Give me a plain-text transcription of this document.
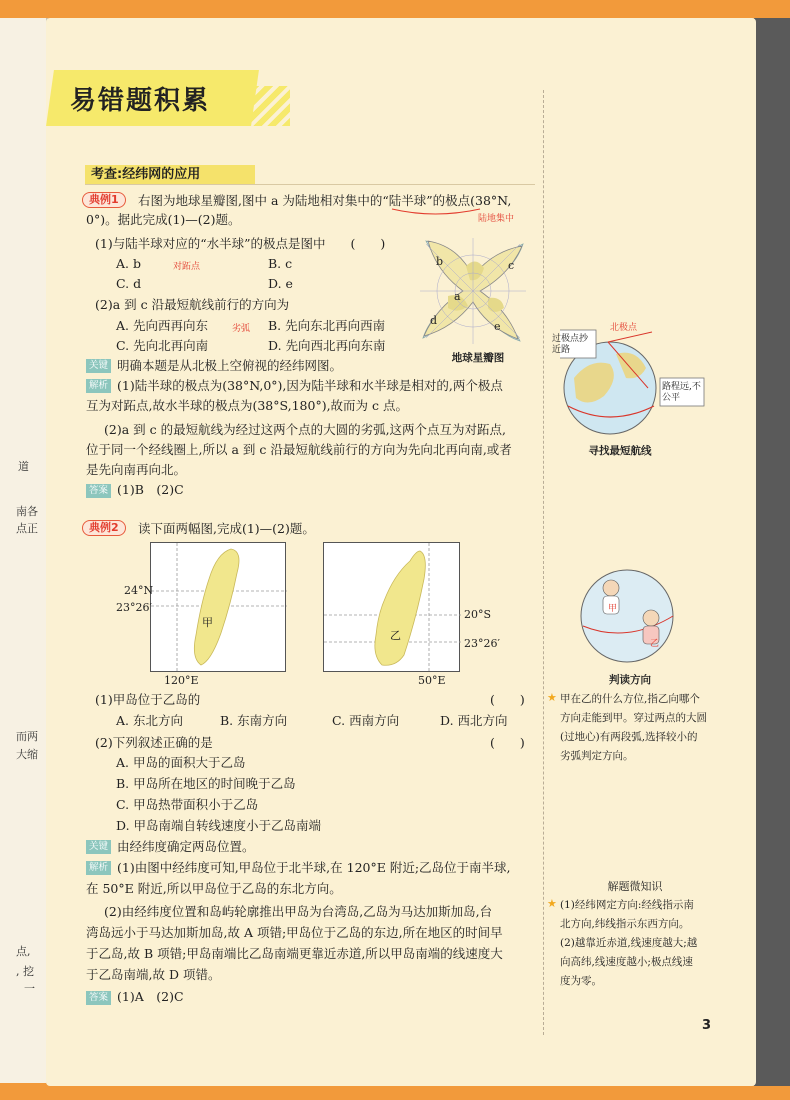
道
南各
点正
而两
大缩
点,
, 挖
一
易错题积累
考查:经纬网的应用
典例1	右图为地球星瓣图,图中 a 为陆地相对集中的“陆半球”的极点(38°N,
0°)。据此完成(1)—(2)题。	陆地集中
(1)与陆半球对应的“水半球”的极点是图中　　(　　)
A. b	对跖点	B. c
C. d	D. e
(2)a 到 c 沿最短航线前行的方向为
A. 先向西再向东	劣弧 B. 先向东北再向西南
C. 先向北再向南	D. 先向西北再向东南
b	c
a
d	e
地球星瓣图
关键 明确本题是从北极上空俯视的经纬网图。
解析 (1)陆半球的极点为(38°N,0°),因为陆半球和水半球是相对的,两个极点
互为对跖点,故水半球的极点为(38°S,180°),故而为 c 点。
(2)a 到 c 的最短航线为经过这两个点的大圆的劣弧,这两个点互为对跖点,
位于同一个经线圈上,所以 a 到 c 沿最短航线前行的方向为先向北再向南,或者
是先向南再向北。
答案 (1)B　(2)C
典例2	读下面两幅图,完成(1)—(2)题。
甲
24°N
23°26′
120°E
乙
20°S
23°26′
50°E
(1)甲岛位于乙岛的	(　　)
A. 东北方向	B. 东南方向	C. 西南方向	D. 西北方向
(2)下列叙述正确的是	(　　)
A. 甲岛的面积大于乙岛
B. 甲岛所在地区的时间晚于乙岛
C. 甲岛热带面积小于乙岛
D. 甲岛南端自转线速度小于乙岛南端
关键 由经纬度确定两岛位置。
解析 (1)由图中经纬度可知,甲岛位于北半球,在 120°E 附近;乙岛位于南半球,
在 50°E 附近,所以甲岛位于乙岛的东北方向。
(2)由经纬度位置和岛屿轮廓推出甲岛为台湾岛,乙岛为马达加斯加岛,台
湾岛远小于马达加斯加岛,故 A 项错;甲岛位于乙岛的东边,所在地区的时间早
于乙岛,故 B 项错;甲岛南端比乙岛南端更靠近赤道,所以甲岛南端的线速度大
于乙岛南端,故 D 项错。
答案 (1)A　(2)C
北极点
过极点抄近路
路程远,不公平
寻找最短航线
甲
乙
判读方向
★ 甲在乙的什么方位,指乙向哪个
方向走能到甲。穿过两点的大圆
(过地心)有两段弧,选择较小的
劣弧判定方向。
解题微知识
★ (1)经纬网定方向:经线指示南
北方向,纬线指示东西方向。
(2)越靠近赤道,线速度越大;越
向高纬,线速度越小;极点线速
度为零。
3
